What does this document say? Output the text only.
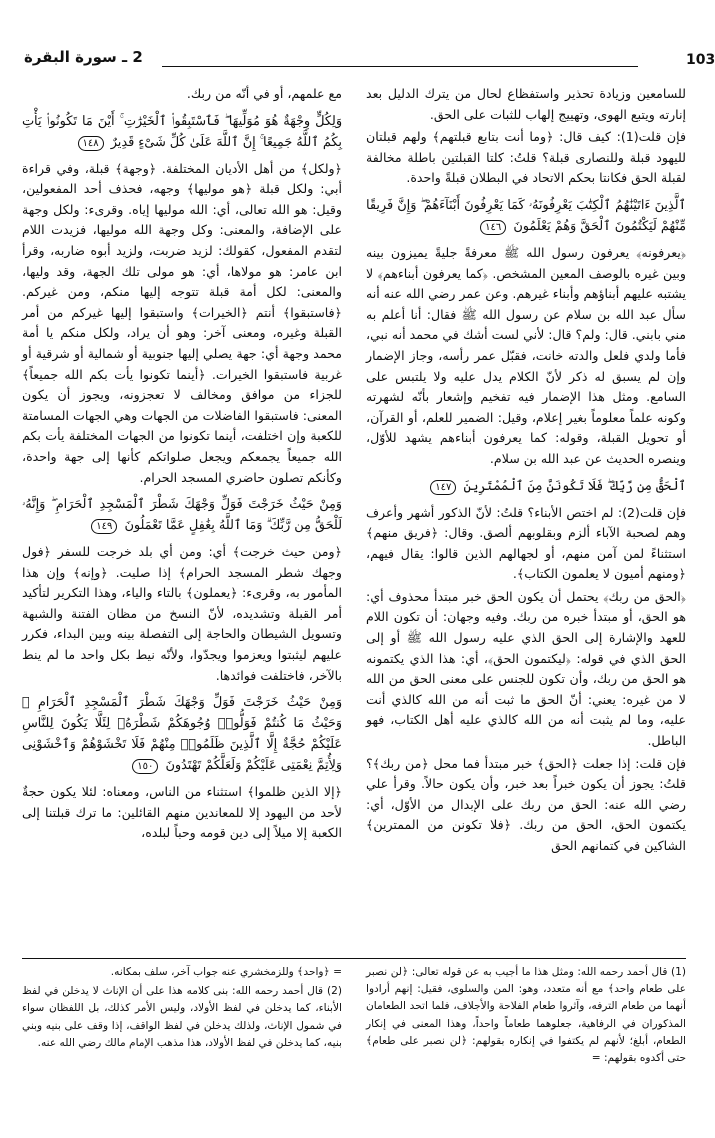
103
2 ـ سورة البقرة

للسامعين وزيادة تحذير واستفظاع لحال من يترك الدليل بعد إنارته ويتبع الهوى، وتهييج إلهاب للثبات على الحق.

فإن قلت(1): كيف قال: ﴿وما أنت بتابع قبلتهم﴾ ولهم قبلتان لليهود قبلة وللنصارى قبلة؟ قلتُ: كلتا القبلتين باطلة مخالفة لقبلة الحق فكانتا بحكم الاتحاد في البطلان قبلةً واحدة.

ٱلَّذِينَ ءَاتَيْنَٰهُمُ ٱلْكِتَٰبَ يَعْرِفُونَهُۥ كَمَا يَعْرِفُونَ أَبْنَآءَهُمْ ۖ وَإِنَّ فَرِيقًا مِّنْهُمْ لَيَكْتُمُونَ ٱلْحَقَّ وَهُمْ يَعْلَمُونَ ١٤٦

﴿يعرفونه﴾ يعرفون رسول الله ﷺ معرفةً جليةً يميزون بينه وبين غيره بالوصف المعين المشخص. ﴿كما يعرفون أبناءهم﴾ لا يشتبه عليهم أبناؤهم وأبناء غيرهم. وعن عمر رضي الله عنه أنه سأل عبد الله بن سلام عن رسول الله ﷺ فقال: أنا أعلم به مني بابني. قال: ولم؟ قال: لأني لست أشك في محمد أنه نبي، فأما ولدي فلعل والدته خانت، فقبّل عمر رأسه، وجاز الإضمار وإن لم يسبق له ذكر لأنّ الكلام يدل عليه ولا يلتبس على السامع. ومثل هذا الإضمار فيه تفخيم وإشعار بأنّه لشهرته وكونه علماً معلوماً بغير إعلام، وقيل: الضمير للعلم، أو القرآن، أو تحويل القبلة، وقوله: كما يعرفون أبناءهم يشهد للأوّل، وينصره الحديث عن عبد الله بن سلام.

ٱلْحَقُّ مِن رَّبِّكَ ۖ فَلَا تَكُونَنَّ مِنَ ٱلْمُمْتَرِينَ ١٤٧

فإن قلت(2): لم اختص الأبناء؟ قلتُ: لأنّ الذكور أشهر وأعرف وهم لصحبة الآباء ألزم وبقلوبهم ألصق. وقال: ﴿فريق منهم﴾ استثناءً لمن آمن منهم، أو لجهالهم الذين قالوا: يقال فيهم، ﴿ومنهم أميون لا يعلمون الكتاب﴾.

﴿الحق من ربك﴾ يحتمل أن يكون الحق خبر مبتدأ محذوف أي: هو الحق، أو مبتدأ خبره من ربك. وفيه وجهان: أن تكون اللام للعهد والإشارة إلى الحق الذي عليه رسول الله ﷺ أو إلى الحق الذي في قوله: ﴿ليكتمون الحق﴾، أي: هذا الذي يكتمونه هو الحق من ربك، وأن تكون للجنس على معنى الحق من الله لا من غيره: يعني: أنّ الحق ما ثبت أنه من الله كالذي أنت عليه، وما لم يثبت أنه من الله كالذي عليه أهل الكتاب، فهو الباطل.

فإن قلت: إذا جعلت ﴿الحق﴾ خبر مبتدأ فما محل ﴿من ربك﴾؟ قلتُ: يجوز أن يكون خبراً بعد خبر، وأن يكون حالاً. وقرأ علي رضي الله عنه: الحق من ربك على الإبدال من الأوّل، أي: يكتمون الحق، الحق من ربك. ﴿فلا تكونن من الممترين﴾ الشاكين في كتمانهم الحق

مع علمهم، أو في أنّه من ربك.

وَلِكُلٍّ وِجْهَةٌ هُوَ مُوَلِّيهَا ۖ فَٱسْتَبِقُوا۟ ٱلْخَيْرَٰتِ ۚ أَيْنَ مَا تَكُونُوا۟ يَأْتِ بِكُمُ ٱللَّهُ جَمِيعًا ۚ إِنَّ ٱللَّهَ عَلَىٰ كُلِّ شَىْءٍ قَدِيرٌ ١٤٨

﴿ولكل﴾ من أهل الأديان المختلفة. ﴿وجهة﴾ قبلة، وفي قراءة أبي: ولكل قبلة ﴿هو موليها﴾ وجهه، فحذف أحد المفعولين، وقيل: هو الله تعالى، أي: الله موليها إياه. وقرىء: ولكل وجهة على الإضافة، والمعنى: وكل وجهة الله موليها، فزيدت اللام لتقدم المفعول، كقولك: لزيد ضربت، ولزيد أبوه ضاربه، وقرأ ابن عامر: هو مولاها، أي: هو مولى تلك الجهة، وقد وليها، والمعنى: لكل أمة قبلة تتوجه إليها منكم، ومن غيركم. ﴿فاستبقوا﴾ أنتم ﴿الخيرات﴾ واستبقوا إليها غيركم من أمر القبلة وغيره، ومعنى آخر: وهو أن يراد، ولكل منكم يا أمة محمد وجهة أي: جهة يصلي إليها جنوبية أو شمالية أو شرقية أو غربية فاستبقوا الخيرات. ﴿أينما تكونوا يأت بكم الله جميعاً﴾ للجزاء من موافق ومخالف لا تعجزونه، ويجوز أن يكون المعنى: فاستبقوا الفاضلات من الجهات وهي الجهات المسامتة للكعبة وإن اختلفت، أينما تكونوا من الجهات المختلفة يأت بكم الله جميعاً يجمعكم ويجعل صلواتكم كأنها إلى جهة واحدة، وكأنكم تصلون حاضري المسجد الحرام.

وَمِنْ حَيْثُ خَرَجْتَ فَوَلِّ وَجْهَكَ شَطْرَ ٱلْمَسْجِدِ ٱلْحَرَامِ ۖ وَإِنَّهُۥ لَلْحَقُّ مِن رَّبِّكَ ۗ وَمَا ٱللَّهُ بِغَٰفِلٍ عَمَّا تَعْمَلُونَ ١٤٩

﴿ومن حيث خرجت﴾ أي: ومن أي بلد خرجت للسفر ﴿فول وجهك شطر المسجد الحرام﴾ إذا صليت. ﴿وإنه﴾ وإن هذا المأمور به، وقرىء: ﴿يعملون﴾ بالتاء والياء، وهذا التكرير لتأكيد أمر القبلة وتشديده، لأنّ النسخ من مظان الفتنة والشبهة وتسويل الشيطان والحاجة إلى التفصلة بينه وبين البداء، فكرر عليهم ليثبتوا ويعزموا ويجدّوا، ولأنّه نيط بكل واحد ما لم ينط بالآخر، فاختلفت فوائدها.

وَمِنْ حَيْثُ خَرَجْتَ فَوَلِّ وَجْهَكَ شَطْرَ ٱلْمَسْجِدِ ٱلْحَرَامِ ۚ وَحَيْثُ مَا كُنتُمْ فَوَلُّوا۟ وُجُوهَكُمْ شَطْرَهُۥ لِئَلَّا يَكُونَ لِلنَّاسِ عَلَيْكُمْ حُجَّةٌ إِلَّا ٱلَّذِينَ ظَلَمُوا۟ مِنْهُمْ فَلَا تَخْشَوْهُمْ وَٱخْشَوْنِى وَلِأُتِمَّ نِعْمَتِى عَلَيْكُمْ وَلَعَلَّكُمْ تَهْتَدُونَ ١٥٠

﴿إلا الذين ظلموا﴾ استثناء من الناس، ومعناه: لئلا يكون حجةٌ لأحد من اليهود إلا للمعاندين منهم القائلين: ما ترك قبلتنا إلى الكعبة إلا ميلاً إلى دين قومه وحباً لبلده،

(1) قال أحمد رحمه الله: ومثل هذا ما أجيب به عن قوله تعالى: ﴿لن نصبر على طعام واحد﴾ مع أنه متعدد، وهو: المن والسلوى، فقيل: إنهم أرادوا أنهما من طعام الترفه، وآثروا طعام الفلاحة والأجلاف، فلما اتحد الطعامان المذكوران في الرفاهية، جعلوهما طعاماً واحداً، وهذا المعنى في إنكار الطعام، أبلغ؛ لأنهم لم يكتفوا في إنكاره بقولهم: ﴿لن نصبر على طعام﴾ حتى أكدوه بقولهم: =

= ﴿واحد﴾ وللزمخشري عنه جواب آخر، سلف بمكانه.

(2) قال أحمد رحمه الله: بنى كلامه هذا على أن الإناث لا يدخلن في لفظ الأبناء، كما يدخلن في لفظ الأولاد، وليس الأمر كذلك، بل اللفظان سواء في شمول الإناث، ولذلك يدخلن في لفظ الواقف، إذا وقف على بنيه وبني بنيه، كما يدخلن في لفظ الأولاد، هذا مذهب الإمام مالك رضي الله عنه.
